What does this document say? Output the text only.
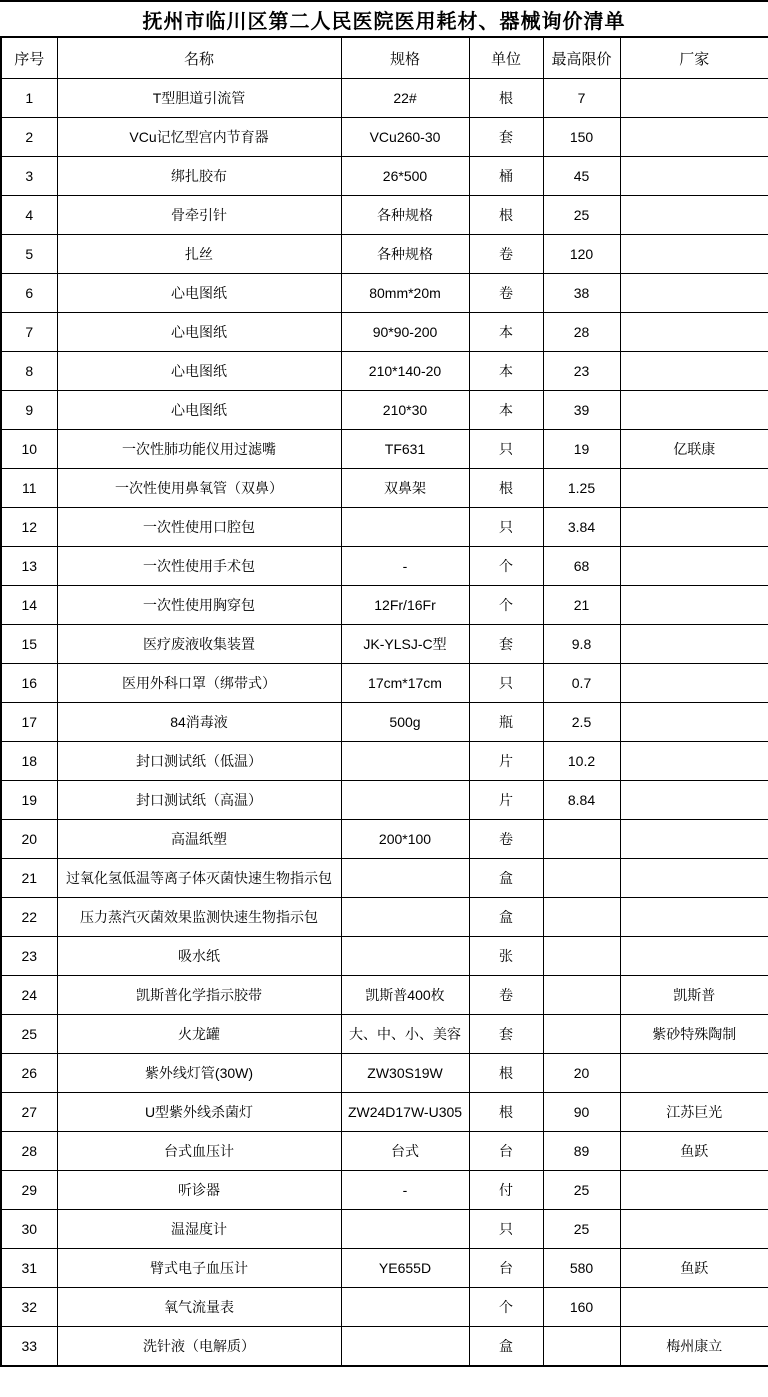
抚州市临川区第二人民医院医用耗材、器械询价清单
序号	名称	规格	单位	最高限价	厂家
1	T型胆道引流管	22#	根	7	
2	VCu记忆型宫内节育器	VCu260-30	套	150	
3	绑扎胶布	26*500	桶	45	
4	骨牵引针	各种规格	根	25	
5	扎丝	各种规格	卷	120	
6	心电图纸	80mm*20m	卷	38	
7	心电图纸	90*90-200	本	28	
8	心电图纸	210*140-20	本	23	
9	心电图纸	210*30	本	39	
10	一次性肺功能仪用过滤嘴	TF631	只	19	亿联康
11	一次性使用鼻氧管（双鼻）	双鼻架	根	1.25	
12	一次性使用口腔包		只	3.84	
13	一次性使用手术包	-	个	68	
14	一次性使用胸穿包	12Fr/16Fr	个	21	
15	医疗废液收集装置	JK-YLSJ-C型	套	9.8	
16	医用外科口罩（绑带式）	17cm*17cm	只	0.7	
17	84消毒液	500g	瓶	2.5	
18	封口测试纸（低温）		片	10.2	
19	封口测试纸（高温）		片	8.84	
20	高温纸塑	200*100	卷		
21	过氧化氢低温等离子体灭菌快速生物指示包		盒		
22	压力蒸汽灭菌效果监测快速生物指示包		盒		
23	吸水纸		张		
24	凯斯普化学指示胶带	凯斯普400枚	卷		凯斯普
25	火龙罐	大、中、小、美容	套		紫砂特殊陶制
26	紫外线灯管(30W)	ZW30S19W	根	20	
27	U型紫外线杀菌灯	ZW24D17W-U305	根	90	江苏巨光
28	台式血压计	台式	台	89	鱼跃
29	听诊器	-	付	25	
30	温湿度计		只	25	
31	臂式电子血压计	YE655D	台	580	鱼跃
32	氧气流量表		个	160	
33	洗针液（电解质）		盒		梅州康立
